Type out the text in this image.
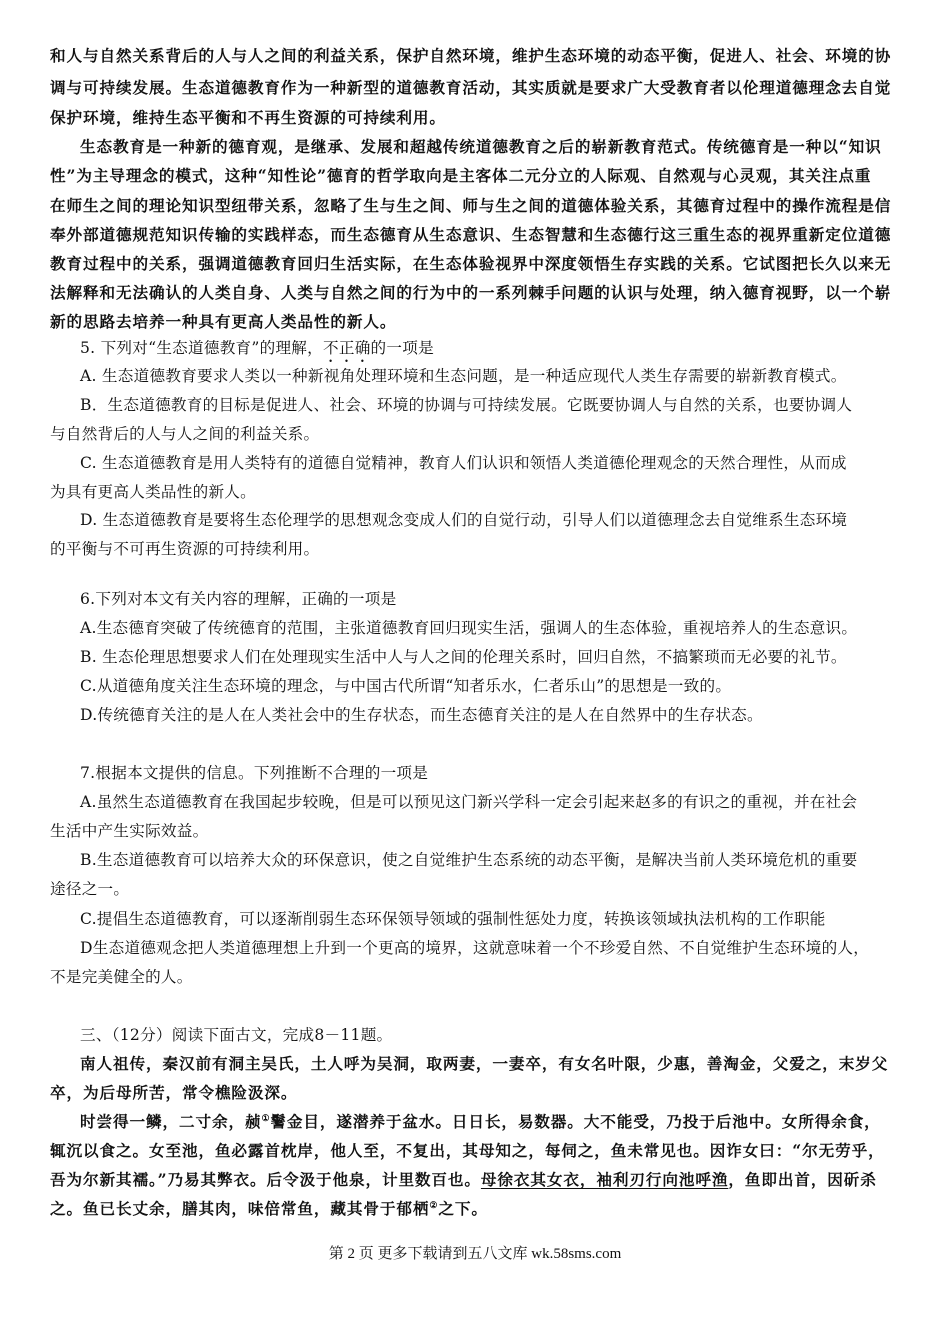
和人与自然关系背后的人与人之间的利益关系，保护自然环境，维护生态环境的动态平衡，促进人、社会、环境的协
调与可持续发展。生态道德教育作为一种新型的道德教育活动，其实质就是要求广大受教育者以伦理道德理念去自觉
保护环境，维持生态平衡和不再生资源的可持续利用。
生态教育是一种新的德育观，是继承、发展和超越传统道德教育之后的崭新教育范式。传统德育是一种以“知识
性”为主导理念的模式，这种“知性论”德育的哲学取向是主客体二元分立的人际观、自然观与心灵观，其关注点重
在师生之间的理论知识型纽带关系，忽略了生与生之间、师与生之间的道德体验关系，其德育过程中的操作流程是信
奉外部道德规范知识传输的实践样态，而生态德育从生态意识、生态智慧和生态德行这三重生态的视界重新定位道德
教育过程中的关系，强调道德教育回归生活实际，在生态体验视界中深度领悟生存实践的关系。它试图把长久以来无
法解释和无法确认的人类自身、人类与自然之间的行为中的一系列棘手问题的认识与处理，纳入德育视野，以一个崭
新的思路去培养一种具有更高人类品性的新人。
5. 下列对“生态道德教育”的理解，不正确的一项是
A. 生态道德教育要求人类以一种新视角处理环境和生态问题，是一种适应现代人类生存需要的崭新教育模式。
B．生态道德教育的目标是促进人、社会、环境的协调与可持续发展。它既要协调人与自然的关系，也要协调人
与自然背后的人与人之间的利益关系。
C. 生态道德教育是用人类特有的道德自觉精神，教育人们认识和领悟人类道德伦理观念的天然合理性，从而成
为具有更高人类品性的新人。
D. 生态道德教育是要将生态伦理学的思想观念变成人们的自觉行动，引导人们以道德理念去自觉维系生态环境
的平衡与不可再生资源的可持续利用。
6.下列对本文有关内容的理解，正确的一项是
A.生态德育突破了传统德育的范围，主张道德教育回归现实生活，强调人的生态体验，重视培养人的生态意识。
B. 生态伦理思想要求人们在处理现实生活中人与人之间的伦理关系时，回归自然，不搞繁琐而无必要的礼节。
C.从道德角度关注生态环境的理念，与中国古代所谓“知者乐水，仁者乐山”的思想是一致的。
D.传统德育关注的是人在人类社会中的生存状态，而生态德育关注的是人在自然界中的生存状态。
7.根据本文提供的信息。下列推断不合理的一项是
A.虽然生态道德教育在我国起步较晚，但是可以预见这门新兴学科一定会引起来赵多的有识之的重视，并在社会
生活中产生实际效益。
B.生态道德教育可以培养大众的环保意识，使之自觉维护生态系统的动态平衡，是解决当前人类环境危机的重要
途径之一。
C.提倡生态道德教育，可以逐渐削弱生态环保领导领域的强制性惩处力度，转换该领域执法机构的工作职能
D生态道德观念把人类道德理想上升到一个更高的境界，这就意味着一个不珍爱自然、不自觉维护生态环境的人，
不是完美健全的人。
三、（12分）阅读下面古文，完成8－11题。
南人祖传，秦汉前有洞主吴氏，土人呼为吴洞，取两妻，一妻卒，有女名叶限，少惠，善淘金，父爱之，末岁父
卒，为后母所苦，常令樵险汲深。
时尝得一鳞，二寸余，赪①鬐金目，遂潜养于盆水。日日长，易数器。大不能受，乃投于后池中。女所得余食，
辄沉以食之。女至池，鱼必露首枕岸，他人至，不复出，其母知之，每伺之，鱼未常见也。因诈女曰：“尔无劳乎，
吾为尔新其襦。”乃易其弊衣。后令汲于他泉，计里数百也。母徐衣其女衣，袖利刃行向池呼渔，鱼即出首，因斫杀
之。鱼已长丈余，膳其肉，味倍常鱼，藏其骨于郁栖②之下。
第 2 页 更多下载请到五八文库 wk.58sms.com
